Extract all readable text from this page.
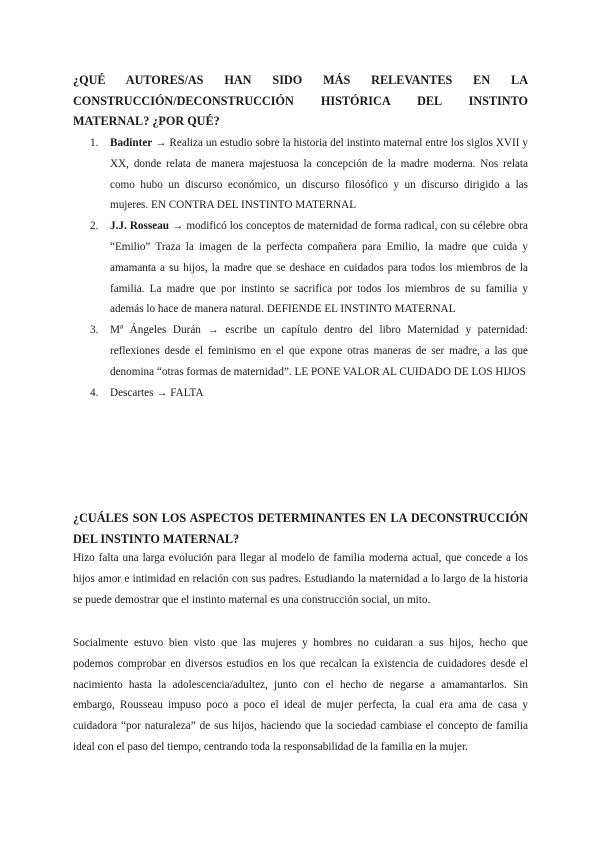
¿QUÉ AUTORES/AS HAN SIDO MÁS RELEVANTES EN LA CONSTRUCCIÓN/DECONSTRUCCIÓN HISTÓRICA DEL INSTINTO MATERNAL? ¿POR QUÉ?

1. Badinter → Realiza un estudio sobre la historia del instinto maternal entre los siglos XVII y XX, donde relata de manera majestuosa la concepción de la madre moderna. Nos relata como hubo un discurso económico, un discurso filosófico y un discurso dirigido a las mujeres. EN CONTRA DEL INSTINTO MATERNAL
2. J.J. Rosseau → modificó los conceptos de maternidad de forma radical, con su célebre obra “Emilio” Traza la imagen de la perfecta compañera para Emilio, la madre que cuida y amamanta a su hijos, la madre que se deshace en cuidados para todos los miembros de la familia. La madre que por instinto se sacrifica por todos los miembros de su familia y además lo hace de manera natural. DEFIENDE EL INSTINTO MATERNAL
3. Mª Ángeles Durán → escribe un capítulo dentro del libro Maternidad y paternidad: reflexiones desde el feminismo en el que expone otras maneras de ser madre, a las que denomina “otras formas de maternidad”. LE PONE VALOR AL CUIDADO DE LOS HIJOS
4. Descartes → FALTA

¿CUÁLES SON LOS ASPECTOS DETERMINANTES EN LA DECONSTRUCCIÓN DEL INSTINTO MATERNAL?

Hizo falta una larga evolución para llegar al modelo de familia moderna actual, que concede a los hijos amor e intimidad en relación con sus padres. Estudiando la maternidad a lo largo de la historia se puede demostrar que el instinto maternal es una construcción social, un mito.

Socialmente estuvo bien visto que las mujeres y hombres no cuidaran a sus hijos, hecho que podemos comprobar en diversos estudios en los que recalcan la existencia de cuidadores desde el nacimiento hasta la adolescencia/adultez, junto con el hecho de negarse a amamantarlos. Sin embargo, Rousseau impuso poco a poco el ideal de mujer perfecta, la cual era ama de casa y cuidadora “por naturaleza” de sus hijos, haciendo que la sociedad cambiase el concepto de familia ideal con el paso del tiempo, centrando toda la responsabilidad de la familia en la mujer.
